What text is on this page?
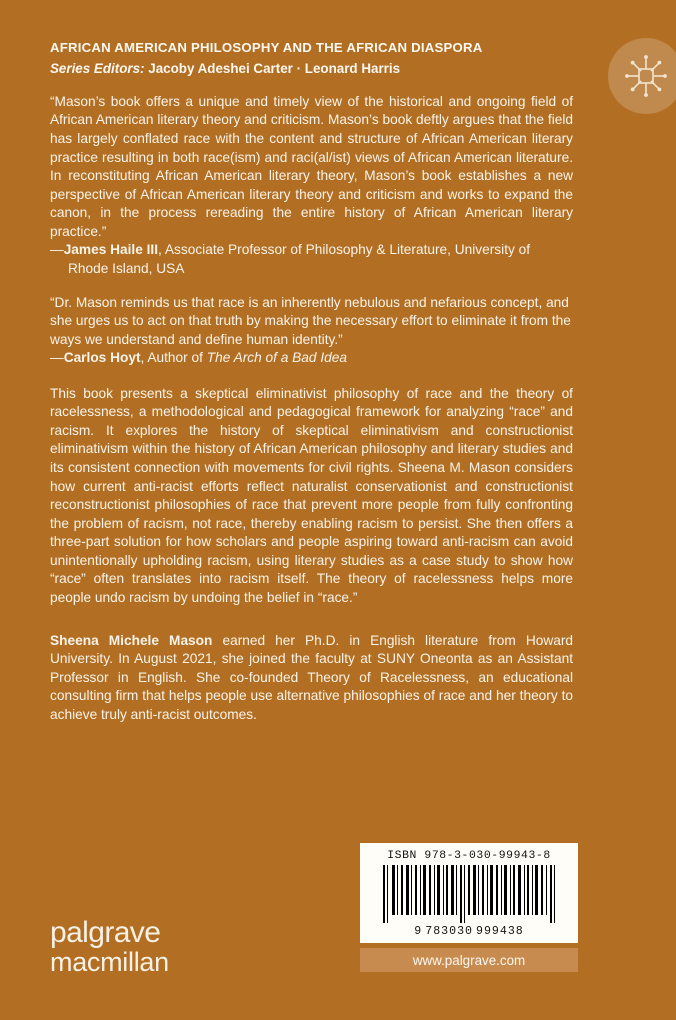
AFRICAN AMERICAN PHILOSOPHY AND THE AFRICAN DIASPORA
Series Editors: Jacoby Adeshei Carter · Leonard Harris

“Mason’s book offers a unique and timely view of the historical and ongoing field of African American literary theory and criticism. Mason’s book deftly argues that the field has largely conflated race with the content and structure of African American literary practice resulting in both race(ism) and raci(al/ist) views of African American literature. In reconstituting African American literary theory, Mason’s book establishes a new perspective of African American literary theory and criticism and works to expand the canon, in the process rereading the entire history of African American literary practice.”

—James Haile III, Associate Professor of Philosophy & Literature, University of Rhode Island, USA

“Dr. Mason reminds us that race is an inherently nebulous and nefarious concept, and she urges us to act on that truth by making the necessary effort to eliminate it from the ways we understand and define human identity.”

—Carlos Hoyt, Author of The Arch of a Bad Idea

This book presents a skeptical eliminativist philosophy of race and the theory of racelessness, a methodological and pedagogical framework for analyzing “race” and racism. It explores the history of skeptical eliminativism and constructionist eliminativism within the history of African American philosophy and literary studies and its consistent connection with movements for civil rights. Sheena M. Mason considers how current anti-racist efforts reflect naturalist conservationist and constructionist reconstructionist philosophies of race that prevent more people from fully confronting the problem of racism, not race, thereby enabling racism to persist. She then offers a three-part solution for how scholars and people aspiring toward anti-racism can avoid unintentionally upholding racism, using literary studies as a case study to show how “race” often translates into racism itself. The theory of racelessness helps more people undo racism by undoing the belief in “race.”

Sheena Michele Mason earned her Ph.D. in English literature from Howard University. In August 2021, she joined the faculty at SUNY Oneonta as an Assistant Professor in English. She co-founded Theory of Racelessness, an educational consulting firm that helps people use alternative philosophies of race and her theory to achieve truly anti-racist outcomes.

ISBN 978-3-030-99943-8
9 783030 999438
www.palgrave.com
palgrave
macmillan
